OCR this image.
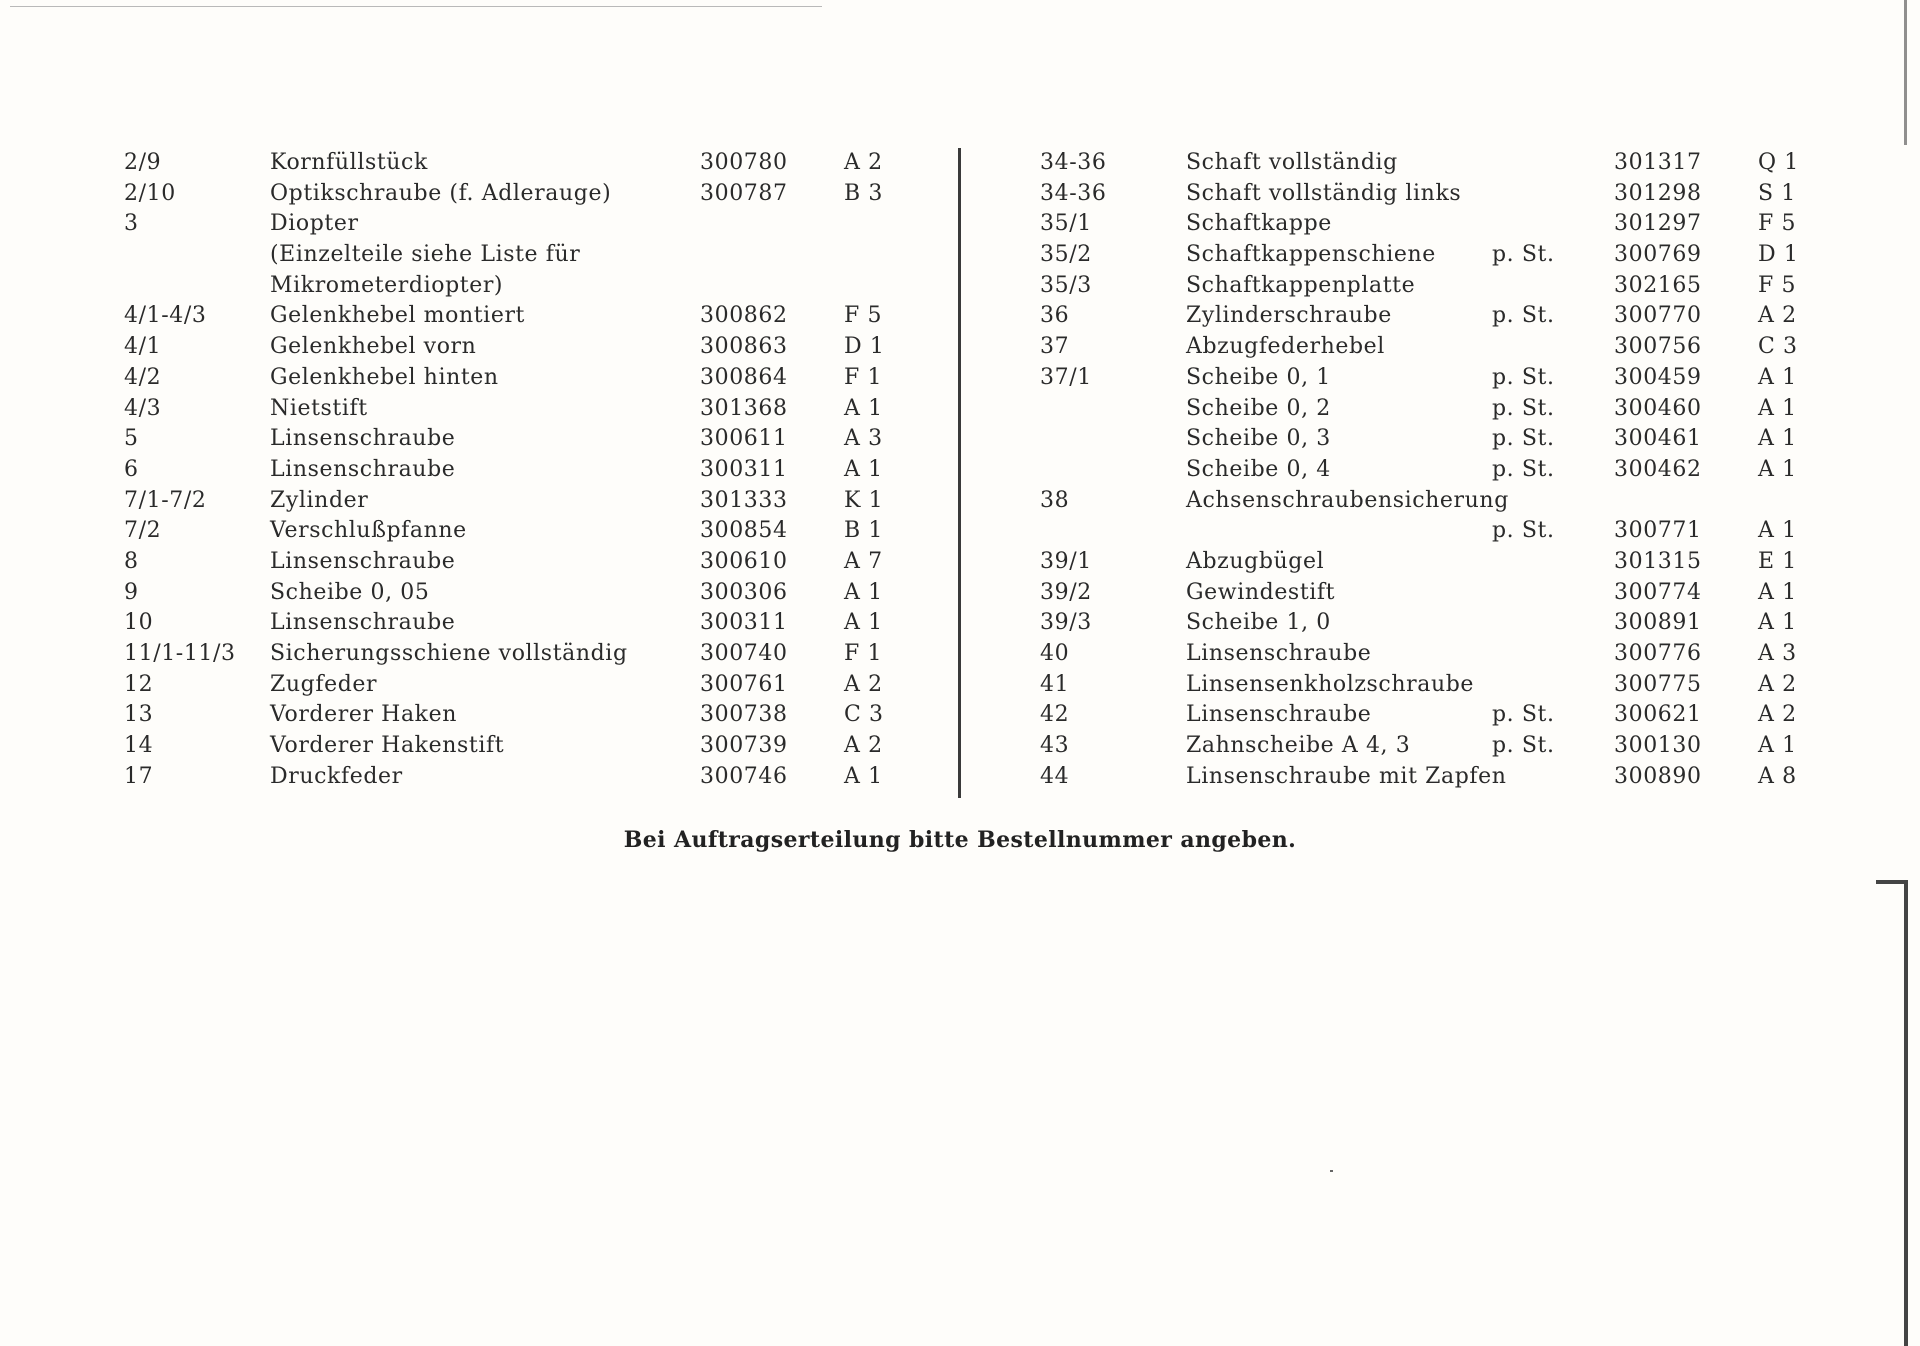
2/9	Kornfüllstück	300780	A 2
2/10	Optikschraube (f. Adlerauge)	300787	B 3
3	Diopter
(Einzelteile siehe Liste für
Mikrometerdiopter)
4/1-4/3	Gelenkhebel montiert	300862	F 5
4/1	Gelenkhebel vorn	300863	D 1
4/2	Gelenkhebel hinten	300864	F 1
4/3	Nietstift	301368	A 1
5	Linsenschraube	300611	A 3
6	Linsenschraube	300311	A 1
7/1-7/2	Zylinder	301333	K 1
7/2	Verschlußpfanne	300854	B 1
8	Linsenschraube	300610	A 7
9	Scheibe 0, 05	300306	A 1
10	Linsenschraube	300311	A 1
11/1-11/3 Sicherungsschiene vollständig	300740	F 1
12	Zugfeder	300761	A 2
13	Vorderer Haken	300738	C 3
14	Vorderer Hakenstift	300739	A 2
17	Druckfeder	300746	A 1
34-36	Schaft vollständig	301317	Q 1
34-36	Schaft vollständig links	301298	S 1
35/1	Schaftkappe	301297	F 5
35/2	Schaftkappenschiene	p. St.	300769	D 1
35/3	Schaftkappenplatte	302165	F 5
36	Zylinderschraube	p. St.	300770	A 2
37	Abzugfederhebel	300756	C 3
37/1	Scheibe 0, 1	p. St.	300459	A 1
Scheibe 0, 2	p. St.	300460	A 1
Scheibe 0, 3	p. St.	300461	A 1
Scheibe 0, 4	p. St.	300462	A 1
38	Achsenschraubensicherung
p. St.	300771	A 1
39/1	Abzugbügel	301315	E 1
39/2	Gewindestift	300774	A 1
39/3	Scheibe 1, 0	300891	A 1
40	Linsenschraube	300776	A 3
41	Linsensenkholzschraube	300775	A 2
42	Linsenschraube	p. St.	300621	A 2
43	Zahnscheibe A 4, 3	p. St.	300130	A 1
44	Linsenschraube mit Zapfen	300890	A 8
Bei Auftragserteilung bitte Bestellnummer angeben.
